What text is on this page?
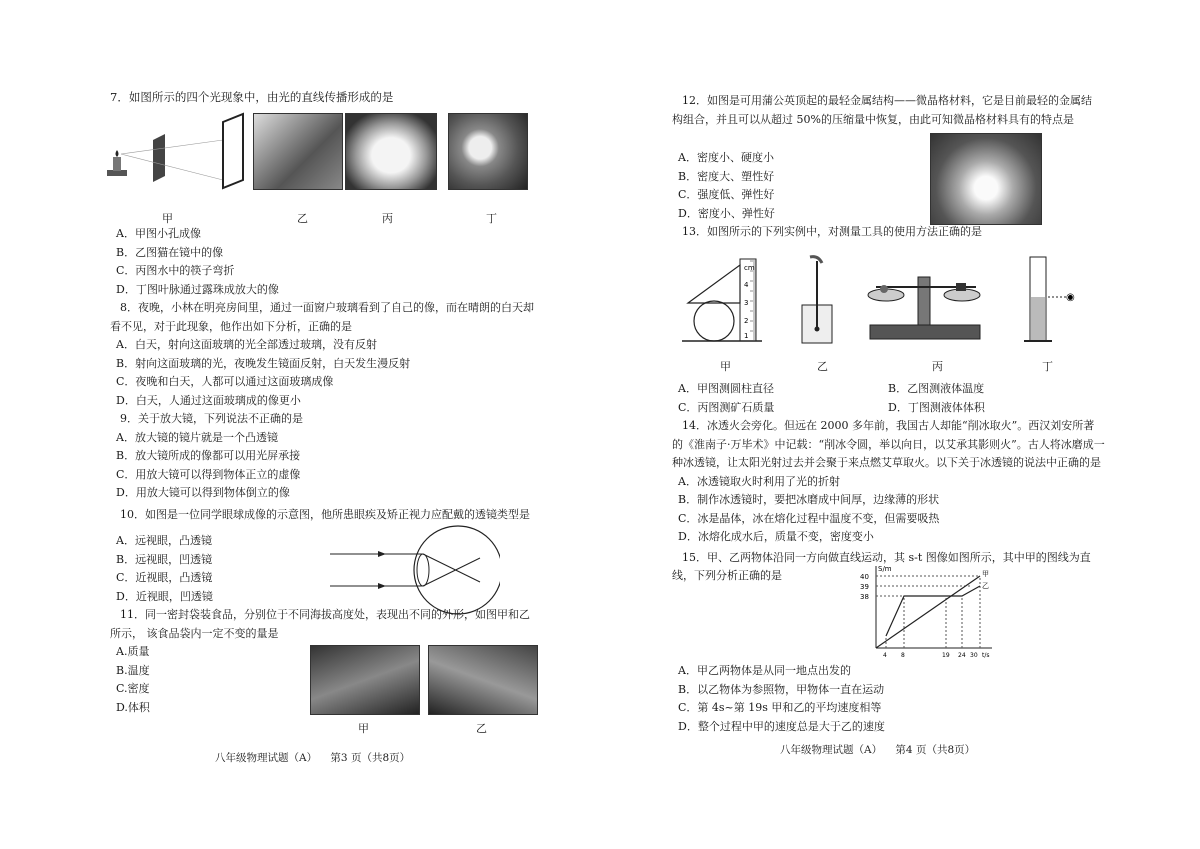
7．如图所示的四个光现象中，由光的直线传播形成的是

甲	乙	丙	丁
A．甲图小孔成像
B．乙图猫在镜中的像
C．丙图水中的筷子弯折
D．丁图叶脉通过露珠成放大的像
8．夜晚，小林在明亮房间里，通过一面窗户玻璃看到了自己的像，而在晴朗的白天却
看不见，对于此现象，他作出如下分析，正确的是
A．白天，射向这面玻璃的光全部透过玻璃，没有反射
B．射向这面玻璃的光，夜晚发生镜面反射，白天发生漫反射
C．夜晚和白天，人都可以通过这面玻璃成像
D．白天，人通过这面玻璃成的像更小
9．关于放大镜，下列说法不正确的是
A．放大镜的镜片就是一个凸透镜
B．放大镜所成的像都可以用光屏承接
C．用放大镜可以得到物体正立的虚像
D．用放大镜可以得到物体倒立的像
10．如图是一位同学眼球成像的示意图，他所患眼疾及矫正视力应配戴的透镜类型是
A．远视眼，凸透镜
B．远视眼，凹透镜
C．近视眼，凸透镜
D．近视眼，凹透镜
11．同一密封袋装食品，分别位于不同海拔高度处，表现出不同的外形，如图甲和乙
所示， 该食品袋内一定不变的量是
A.质量
B.温度
C.密度
D.体积
甲	乙
八年级物理试题（A）    第3 页（共8页）
12．如图是可用蒲公英顶起的最轻金属结构——微晶格材料，它是目前最轻的金属结
构组合，并且可以从超过 50%的压缩量中恢复，由此可知微晶格材料具有的特点是
A．密度小、硬度小
B．密度大、塑性好
C．强度低、弹性好
D．密度小、弹性好
13．如图所示的下列实例中，对测量工具的使用方法正确的是
cm
4
3
2
1
◉
甲	乙	丙	丁
A．甲图测圆柱直径	B．乙图测液体温度
C．丙图测矿石质量	D．丁图测液体体积
14．冰透火会旁化。但远在 2000 多年前，我国古人却能“削冰取火”。西汉刘安所著
的《淮南子·万毕术》中记载：“削冰令圆，举以向日，以艾承其影则火”。古人将冰磨成一
种冰透镜，让太阳光射过去并会聚于来点燃艾草取火。以下关于冰透镜的说法中正确的是
A．冰透镜取火时利用了光的折射
B．制作冰透镜时，要把冰磨成中间厚，边缘薄的形状
C．冰是晶体，冰在熔化过程中温度不变，但需要吸热
D．冰熔化成水后，质量不变，密度变小
15．甲、乙两物体沿同一方向做直线运动，其 s-t 图像如图所示，其中甲的图线为直
线，下列分析正确的是	S/m
t/s
40
39
38
甲
乙
4 8	19 24 30
A．甲乙两物体是从同一地点出发的
B．以乙物体为参照物，甲物体一直在运动
C．第 4s~第 19s 甲和乙的平均速度相等
D．整个过程中甲的速度总是大于乙的速度
八年级物理试题（A）    第4 页（共8页）
